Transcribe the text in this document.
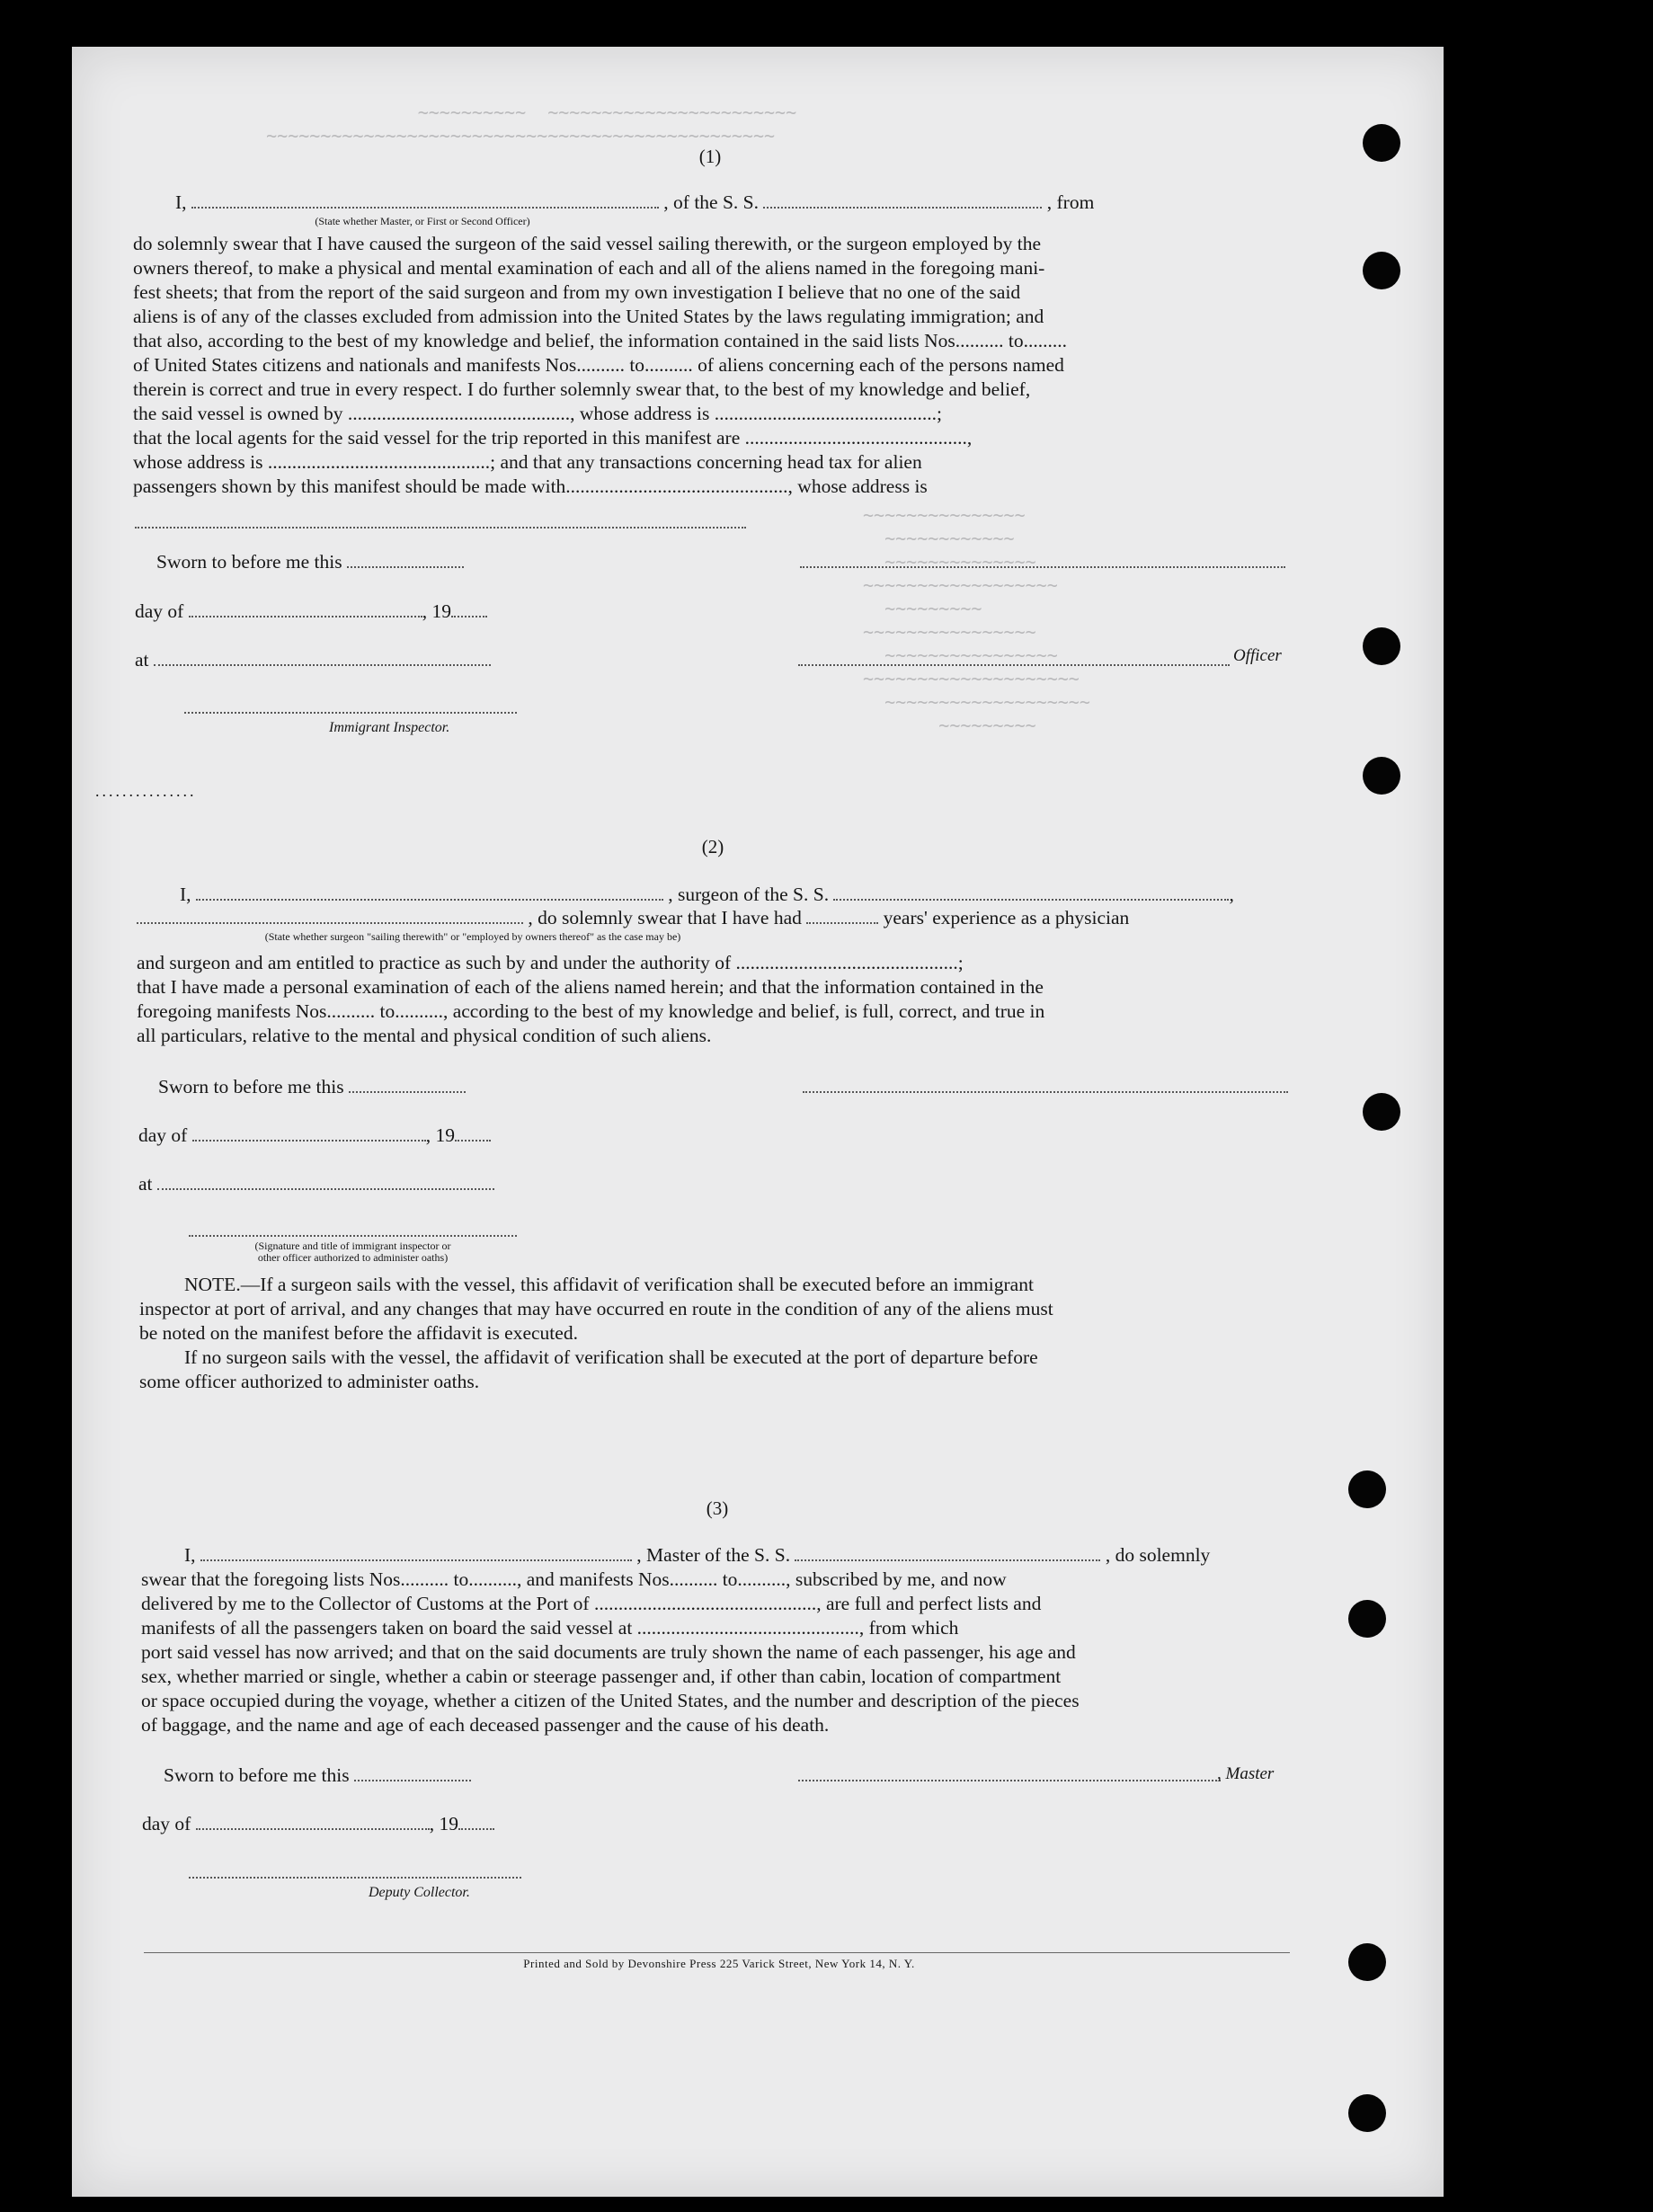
~~~~~~~~~~  ~~~~~~~~~~~~~~~~~~~~~~~
~~~~~~~~~~~~~~~~~~~~~~~~~~~~~~~~~~~~~~~~~~~~~~~
~~~~~~~~~~~~~~~
~~~~~~~~~~~~
~~~~~~~~~~~~~~
~~~~~~~~~~~~~~~~~~
~~~~~~~~~
~~~~~~~~~~~~~~~~
~~~~~~~~~~~~~~~~
~~~~~~~~~~~~~~~~~~~~
~~~~~~~~~~~~~~~~~~~
~~~~~~~~~
(1)
I,	, of the S. S.	, from
(State whether Master, or First or Second Officer)
do solemnly swear that I have caused the surgeon of the said vessel sailing therewith, or the surgeon employed by the
owners thereof, to make a physical and mental examination of each and all of the aliens named in the foregoing mani-
fest sheets; that from the report of the said surgeon and from my own investigation I believe that no one of the said
aliens is of any of the classes excluded from admission into the United States by the laws regulating immigration; and
that also, according to the best of my knowledge and belief, the information contained in the said lists Nos.......... to.........
of United States citizens and nationals and manifests Nos.......... to.......... of aliens concerning each of the persons named
therein is correct and true in every respect. I do further solemnly swear that, to the best of my knowledge and belief,
the said vessel is owned by .............................................., whose address is ..............................................;
that the local agents for the said vessel for the trip reported in this manifest are ..............................................,
whose address is ..............................................; and that any transactions concerning head tax for alien
passengers shown by this manifest should be made with.............................................., whose address is
Sworn to before me this
day of	, 19
at	Officer
Immigrant Inspector.
...............
(2)
I,	, surgeon of the S. S.	,
, do solemnly swear that I have had	years' experience as a physician
(State whether surgeon "sailing therewith" or "employed by owners thereof" as the case may be)
and surgeon and am entitled to practice as such by and under the authority of ..............................................;
that I have made a personal examination of each of the aliens named herein; and that the information contained in the
foregoing manifests Nos.......... to.........., according to the best of my knowledge and belief, is full, correct, and true in
all particulars, relative to the mental and physical condition of such aliens.
Sworn to before me this
day of	, 19
at
(Signature and title of immigrant inspector or
other officer authorized to administer oaths)
NOTE.—If a surgeon sails with the vessel, this affidavit of verification shall be executed before an immigrant
inspector at port of arrival, and any changes that may have occurred en route in the condition of any of the aliens must
be noted on the manifest before the affidavit is executed.
If no surgeon sails with the vessel, the affidavit of verification shall be executed at the port of departure before
some officer authorized to administer oaths.
(3)
I,	, Master of the S. S.	, do solemnly
swear that the foregoing lists Nos.......... to.........., and manifests Nos.......... to.........., subscribed by me, and now
delivered by me to the Collector of Customs at the Port of .............................................., are full and perfect lists and
manifests of all the passengers taken on board the said vessel at .............................................., from which
port said vessel has now arrived; and that on the said documents are truly shown the name of each passenger, his age and
sex, whether married or single, whether a cabin or steerage passenger and, if other than cabin, location of compartment
or space occupied during the voyage, whether a citizen of the United States, and the number and description of the pieces
of baggage, and the name and age of each deceased passenger and the cause of his death.
Sworn to before me this	, Master
day of	, 19
Deputy Collector.
Printed and Sold by Devonshire Press 225 Varick Street, New York 14, N. Y.
